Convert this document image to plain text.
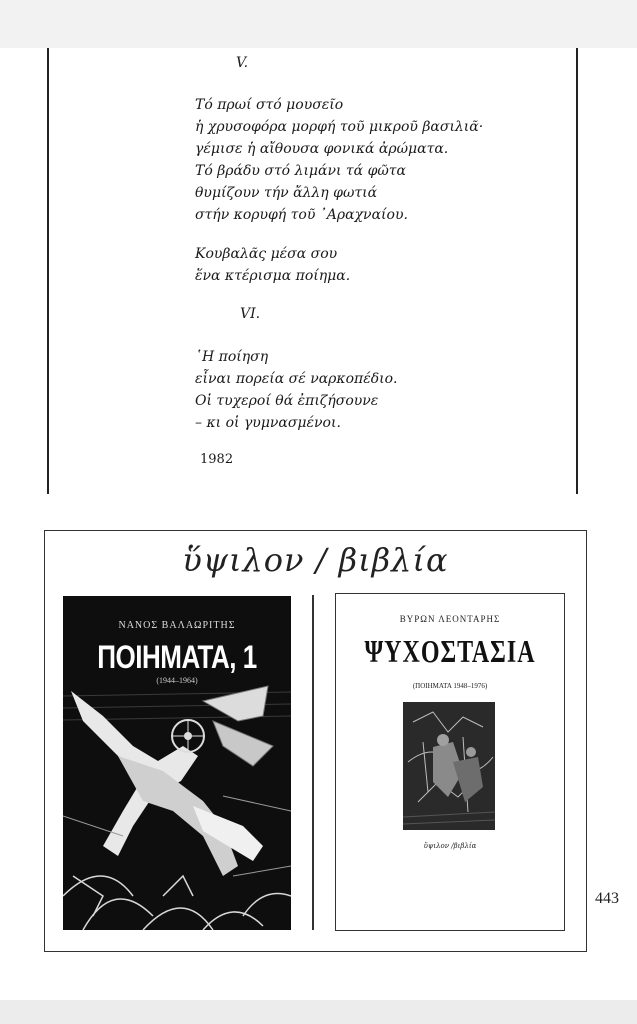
V.
Τό πρωί στό μουσεῖο
ἡ χρυσοφόρα μορφή τοῦ μικροῦ βασιλιᾶ·
γέμισε ἡ αἴθουσα φονικά ἀρώματα.
Τό βράδυ στό λιμάνι τά φῶτα
θυμίζουν τήν ἄλλη φωτιά
στήν κορυφή τοῦ ᾿Αραχναίου.
Κουβαλᾶς μέσα σου
ἕνα κτέρισμα ποίημα.
VI.
῾Η ποίηση
εἶναι πορεία σέ ναρκοπέδιο.
Οἱ τυχεροί θά ἐπιζήσουνε
– κι οἱ γυμνασμένοι.
1982
ὕψιλον / βιβλία
ΝΑΝΟΣ ΒΑΛΑΩΡΙΤΗΣ
ΠΟΙΗΜΑΤΑ, 1
(1944–1964)
ΒΥΡΩΝ ΛΕΟΝΤΑΡΗΣ
ΨΥΧΟΣΤΑΣΙΑ
(ΠΟΙΗΜΑΤΑ 1948–1976)
ὕψιλον /βιβλία
443
